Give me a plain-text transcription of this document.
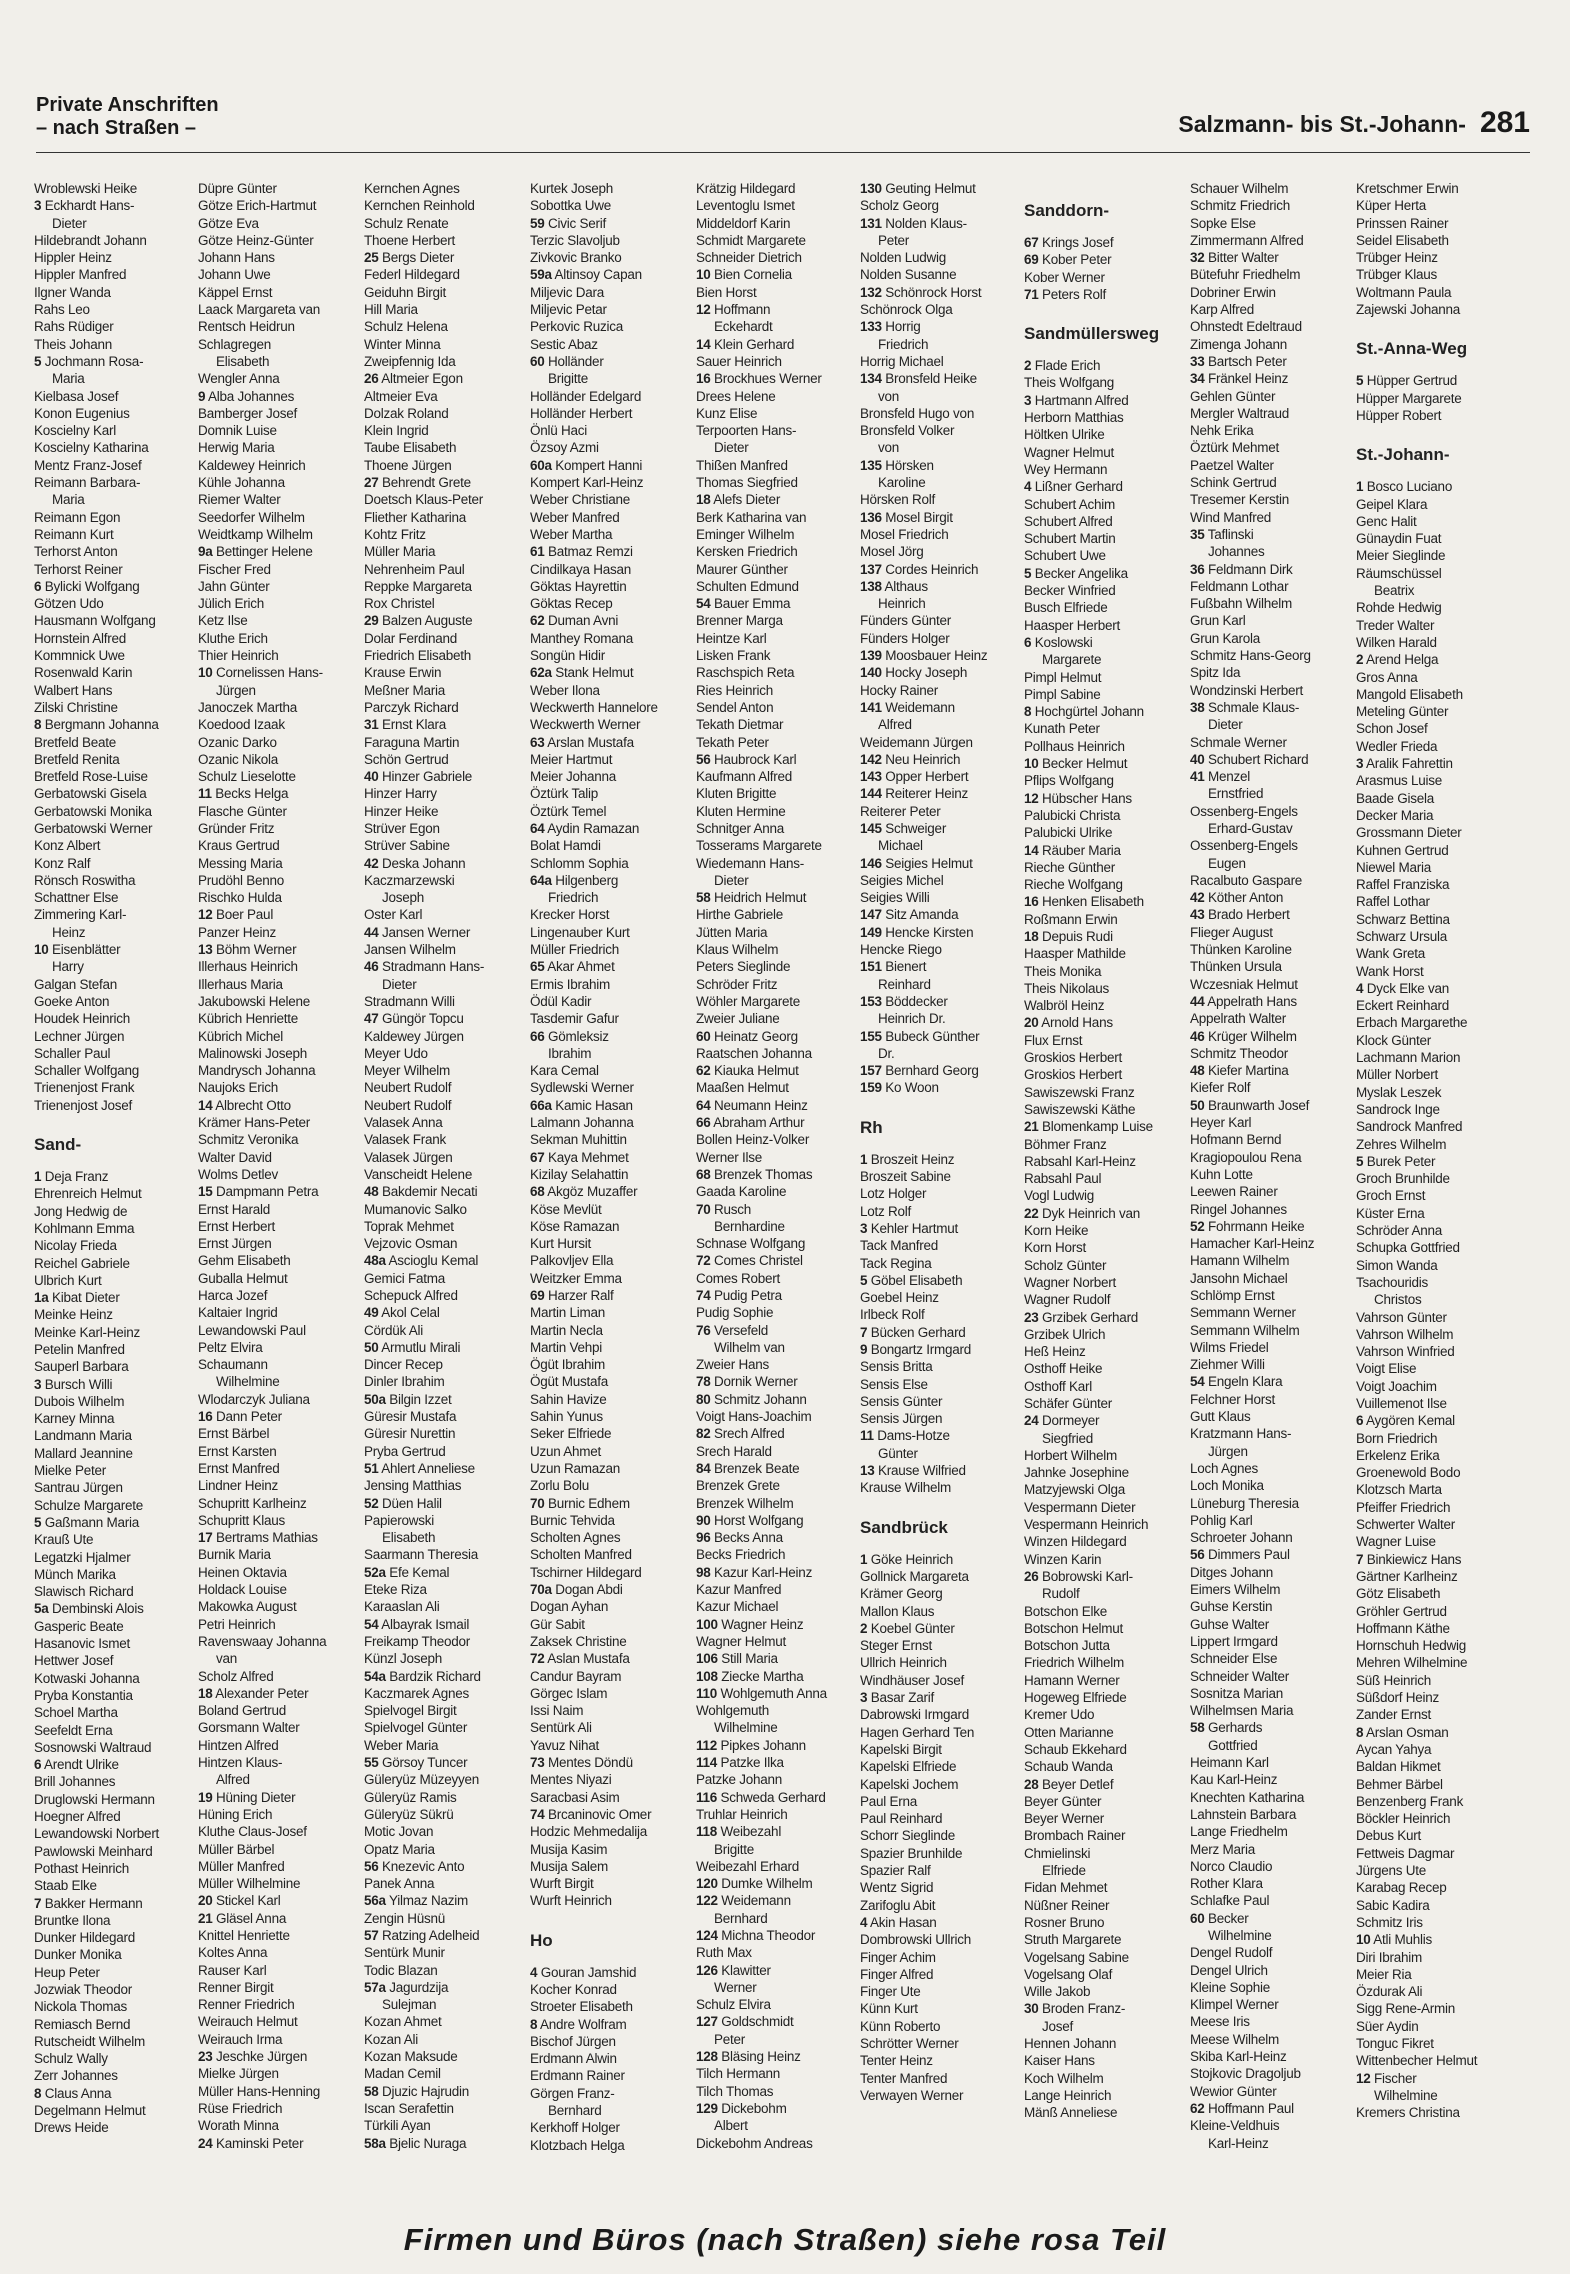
Private Anschriften
– nach Straßen –	Salzmann- bis St.-Johann- 281
Wroblewski Heike
3 Eckhardt Hans-
Dieter
Hildebrandt Johann
Hippler Heinz
Hippler Manfred
Ilgner Wanda
Rahs Leo
Rahs Rüdiger
Theis Johann
5 Jochmann Rosa-
Maria
Kielbasa Josef
Konon Eugenius
Koscielny Karl
Koscielny Katharina
Mentz Franz-Josef
Reimann Barbara-
Maria
Reimann Egon
Reimann Kurt
Terhorst Anton
Terhorst Reiner
6 Bylicki Wolfgang
Götzen Udo
Hausmann Wolfgang
Hornstein Alfred
Kommnick Uwe
Rosenwald Karin
Walbert Hans
Zilski Christine
8 Bergmann Johanna
Bretfeld Beate
Bretfeld Renita
Bretfeld Rose-Luise
Gerbatowski Gisela
Gerbatowski Monika
Gerbatowski Werner
Konz Albert
Konz Ralf
Rönsch Roswitha
Schattner Else
Zimmering Karl-
Heinz
10 Eisenblätter
Harry
Galgan Stefan
Goeke Anton
Houdek Heinrich
Lechner Jürgen
Schaller Paul
Schaller Wolfgang
Trienenjost Frank
Trienenjost Josef
Sand-
1 Deja Franz
Ehrenreich Helmut
Jong Hedwig de
Kohlmann Emma
Nicolay Frieda
Reichel Gabriele
Ulbrich Kurt
1a Kibat Dieter
Meinke Heinz
Meinke Karl-Heinz
Petelin Manfred
Sauperl Barbara
3 Bursch Willi
Dubois Wilhelm
Karney Minna
Landmann Maria
Mallard Jeannine
Mielke Peter
Santrau Jürgen
Schulze Margarete
5 Gaßmann Maria
Krauß Ute
Legatzki Hjalmer
Münch Marika
Slawisch Richard
5a Dembinski Alois
Gasperic Beate
Hasanovic Ismet
Hettwer Josef
Kotwaski Johanna
Pryba Konstantia
Schoel Martha
Seefeldt Erna
Sosnowski Waltraud
6 Arendt Ulrike
Brill Johannes
Druglowski Hermann
Hoegner Alfred
Lewandowski Norbert
Pawlowski Meinhard
Pothast Heinrich
Staab Elke
7 Bakker Hermann
Bruntke Ilona
Dunker Hildegard
Dunker Monika
Heup Peter
Jozwiak Theodor
Nickola Thomas
Remiasch Bernd
Rutscheidt Wilhelm
Schulz Wally
Zerr Johannes
8 Claus Anna
Degelmann Helmut
Drews Heide
Düpre Günter
Götze Erich-Hartmut
Götze Eva
Götze Heinz-Günter
Johann Hans
Johann Uwe
Käppel Ernst
Laack Margareta van
Rentsch Heidrun
Schlagregen
Elisabeth
Wengler Anna
9 Alba Johannes
Bamberger Josef
Domnik Luise
Herwig Maria
Kaldewey Heinrich
Kühle Johanna
Riemer Walter
Seedorfer Wilhelm
Weidtkamp Wilhelm
9a Bettinger Helene
Fischer Fred
Jahn Günter
Jülich Erich
Ketz Ilse
Kluthe Erich
Thier Heinrich
10 Cornelissen Hans-
Jürgen
Janoczek Martha
Koedood Izaak
Ozanic Darko
Ozanic Nikola
Schulz Lieselotte
11 Becks Helga
Flasche Günter
Gründer Fritz
Kraus Gertrud
Messing Maria
Prudöhl Benno
Rischko Hulda
12 Boer Paul
Panzer Heinz
13 Böhm Werner
Illerhaus Heinrich
Illerhaus Maria
Jakubowski Helene
Kübrich Henriette
Kübrich Michel
Malinowski Joseph
Mandrysch Johanna
Naujoks Erich
14 Albrecht Otto
Krämer Hans-Peter
Schmitz Veronika
Walter David
Wolms Detlev
15 Dampmann Petra
Ernst Harald
Ernst Herbert
Ernst Jürgen
Gehm Elisabeth
Guballa Helmut
Harca Jozef
Kaltaier Ingrid
Lewandowski Paul
Peltz Elvira
Schaumann
Wilhelmine
Wlodarczyk Juliana
16 Dann Peter
Ernst Bärbel
Ernst Karsten
Ernst Manfred
Lindner Heinz
Schupritt Karlheinz
Schupritt Klaus
17 Bertrams Mathias
Burnik Maria
Heinen Oktavia
Holdack Louise
Makowka August
Petri Heinrich
Ravenswaay Johanna
van
Scholz Alfred
18 Alexander Peter
Boland Gertrud
Gorsmann Walter
Hintzen Alfred
Hintzen Klaus-
Alfred
19 Hüning Dieter
Hüning Erich
Kluthe Claus-Josef
Müller Bärbel
Müller Manfred
Müller Wilhelmine
20 Stickel Karl
21 Gläsel Anna
Knittel Henriette
Koltes Anna
Rauser Karl
Renner Birgit
Renner Friedrich
Weirauch Helmut
Weirauch Irma
23 Jeschke Jürgen
Mielke Jürgen
Müller Hans-Henning
Rüse Friedrich
Worath Minna
24 Kaminski Peter
Kernchen Agnes
Kernchen Reinhold
Schulz Renate
Thoene Herbert
25 Bergs Dieter
Federl Hildegard
Geiduhn Birgit
Hill Maria
Schulz Helena
Winter Minna
Zweipfennig Ida
26 Altmeier Egon
Altmeier Eva
Dolzak Roland
Klein Ingrid
Taube Elisabeth
Thoene Jürgen
27 Behrendt Grete
Doetsch Klaus-Peter
Fliether Katharina
Kohtz Fritz
Müller Maria
Nehrenheim Paul
Reppke Margareta
Rox Christel
29 Balzen Auguste
Dolar Ferdinand
Friedrich Elisabeth
Krause Erwin
Meßner Maria
Parczyk Richard
31 Ernst Klara
Faraguna Martin
Schön Gertrud
40 Hinzer Gabriele
Hinzer Harry
Hinzer Heike
Strüver Egon
Strüver Sabine
42 Deska Johann
Kaczmarzewski
Joseph
Oster Karl
44 Jansen Werner
Jansen Wilhelm
46 Stradmann Hans-
Dieter
Stradmann Willi
47 Güngör Topcu
Kaldewey Jürgen
Meyer Udo
Meyer Wilhelm
Neubert Rudolf
Neubert Rudolf
Valasek Anna
Valasek Frank
Valasek Jürgen
Vanscheidt Helene
48 Bakdemir Necati
Mumanovic Salko
Toprak Mehmet
Vejzovic Osman
48a Ascioglu Kemal
Gemici Fatma
Schepuck Alfred
49 Akol Celal
Cördük Ali
50 Armutlu Mirali
Dincer Recep
Dinler Ibrahim
50a Bilgin Izzet
Güresir Mustafa
Güresir Nurettin
Pryba Gertrud
51 Ahlert Anneliese
Jensing Matthias
52 Düen Halil
Papierowski
Elisabeth
Saarmann Theresia
52a Efe Kemal
Eteke Riza
Karaaslan Ali
54 Albayrak Ismail
Freikamp Theodor
Künzl Joseph
54a Bardzik Richard
Kaczmarek Agnes
Spielvogel Birgit
Spielvogel Günter
Weber Maria
55 Görsoy Tuncer
Güleryüz Müzeyyen
Güleryüz Ramis
Güleryüz Sükrü
Motic Jovan
Opatz Maria
56 Knezevic Anto
Panek Anna
56a Yilmaz Nazim
Zengin Hüsnü
57 Ratzing Adelheid
Sentürk Munir
Todic Blazan
57a Jagurdzija
Sulejman
Kozan Ahmet
Kozan Ali
Kozan Maksude
Madan Cemil
58 Djuzic Hajrudin
Iscan Serafettin
Türkili Ayan
58a Bjelic Nuraga
Kurtek Joseph
Sobottka Uwe
59 Civic Serif
Terzic Slavoljub
Zivkovic Branko
59a Altinsoy Capan
Miljevic Dara
Miljevic Petar
Perkovic Ruzica
Sestic Abaz
60 Holländer
Brigitte
Holländer Edelgard
Holländer Herbert
Önlü Haci
Özsoy Azmi
60a Kompert Hanni
Kompert Karl-Heinz
Weber Christiane
Weber Manfred
Weber Martha
61 Batmaz Remzi
Cindilkaya Hasan
Göktas Hayrettin
Göktas Recep
62 Duman Avni
Manthey Romana
Songün Hidir
62a Stank Helmut
Weber Ilona
Weckwerth Hannelore
Weckwerth Werner
63 Arslan Mustafa
Meier Hartmut
Meier Johanna
Öztürk Talip
Öztürk Temel
64 Aydin Ramazan
Bolat Hamdi
Schlomm Sophia
64a Hilgenberg
Friedrich
Krecker Horst
Lingenauber Kurt
Müller Friedrich
65 Akar Ahmet
Ermis Ibrahim
Ödül Kadir
Tasdemir Gafur
66 Gömleksiz
Ibrahim
Kara Cemal
Sydlewski Werner
66a Kamic Hasan
Lalmann Johanna
Sekman Muhittin
67 Kaya Mehmet
Kizilay Selahattin
68 Akgöz Muzaffer
Köse Mevlüt
Köse Ramazan
Kurt Hursit
Palkovljev Ella
Weitzker Emma
69 Harzer Ralf
Martin Liman
Martin Necla
Martin Vehpi
Ögüt Ibrahim
Ögüt Mustafa
Sahin Havize
Sahin Yunus
Seker Elfriede
Uzun Ahmet
Uzun Ramazan
Zorlu Bolu
70 Burnic Edhem
Burnic Tehvida
Scholten Agnes
Scholten Manfred
Tschirner Hildegard
70a Dogan Abdi
Dogan Ayhan
Gür Sabit
Zaksek Christine
72 Aslan Mustafa
Candur Bayram
Görgec Islam
Issi Naim
Sentürk Ali
Yavuz Nihat
73 Mentes Döndü
Mentes Niyazi
Saracbasi Asim
74 Brcaninovic Omer
Hodzic Mehmedalija
Musija Kasim
Musija Salem
Wurft Birgit
Wurft Heinrich
Ho
4 Gouran Jamshid
Kocher Konrad
Stroeter Elisabeth
8 Andre Wolfram
Bischof Jürgen
Erdmann Alwin
Erdmann Rainer
Görgen Franz-
Bernhard
Kerkhoff Holger
Klotzbach Helga
Krätzig Hildegard
Leventoglu Ismet
Middeldorf Karin
Schmidt Margarete
Schneider Dietrich
10 Bien Cornelia
Bien Horst
12 Hoffmann
Eckehardt
14 Klein Gerhard
Sauer Heinrich
16 Brockhues Werner
Drees Helene
Kunz Elise
Terpoorten Hans-
Dieter
Thißen Manfred
Thomas Siegfried
18 Alefs Dieter
Berk Katharina van
Eminger Wilhelm
Kersken Friedrich
Maurer Günther
Schulten Edmund
54 Bauer Emma
Brenner Marga
Heintze Karl
Lisken Frank
Raschspich Reta
Ries Heinrich
Sendel Anton
Tekath Dietmar
Tekath Peter
56 Haubrock Karl
Kaufmann Alfred
Kluten Brigitte
Kluten Hermine
Schnitger Anna
Tosserams Margarete
Wiedemann Hans-
Dieter
58 Heidrich Helmut
Hirthe Gabriele
Jütten Maria
Klaus Wilhelm
Peters Sieglinde
Schröder Fritz
Wöhler Margarete
Zweier Juliane
60 Heinatz Georg
Raatschen Johanna
62 Kiauka Helmut
Maaßen Helmut
64 Neumann Heinz
66 Abraham Arthur
Bollen Heinz-Volker
Werner Ilse
68 Brenzek Thomas
Gaada Karoline
70 Rusch
Bernhardine
Schnase Wolfgang
72 Comes Christel
Comes Robert
74 Pudig Petra
Pudig Sophie
76 Versefeld
Wilhelm van
Zweier Hans
78 Dornik Werner
80 Schmitz Johann
Voigt Hans-Joachim
82 Srech Alfred
Srech Harald
84 Brenzek Beate
Brenzek Grete
Brenzek Wilhelm
90 Horst Wolfgang
96 Becks Anna
Becks Friedrich
98 Kazur Karl-Heinz
Kazur Manfred
Kazur Michael
100 Wagner Heinz
Wagner Helmut
106 Still Maria
108 Ziecke Martha
110 Wohlgemuth Anna
Wohlgemuth
Wilhelmine
112 Pipkes Johann
114 Patzke Ilka
Patzke Johann
116 Schweda Gerhard
Truhlar Heinrich
118 Weibezahl
Brigitte
Weibezahl Erhard
120 Dumke Wilhelm
122 Weidemann
Bernhard
124 Michna Theodor
Ruth Max
126 Klawitter
Werner
Schulz Elvira
127 Goldschmidt
Peter
128 Bläsing Heinz
Tilch Hermann
Tilch Thomas
129 Dickebohm
Albert
Dickebohm Andreas
130 Geuting Helmut
Scholz Georg
131 Nolden Klaus-
Peter
Nolden Ludwig
Nolden Susanne
132 Schönrock Horst
Schönrock Olga
133 Horrig
Friedrich
Horrig Michael
134 Bronsfeld Heike
von
Bronsfeld Hugo von
Bronsfeld Volker
von
135 Hörsken
Karoline
Hörsken Rolf
136 Mosel Birgit
Mosel Friedrich
Mosel Jörg
137 Cordes Heinrich
138 Althaus
Heinrich
Fünders Günter
Fünders Holger
139 Moosbauer Heinz
140 Hocky Joseph
Hocky Rainer
141 Weidemann
Alfred
Weidemann Jürgen
142 Neu Heinrich
143 Opper Herbert
144 Reiterer Heinz
Reiterer Peter
145 Schweiger
Michael
146 Seigies Helmut
Seigies Michel
Seigies Willi
147 Sitz Amanda
149 Hencke Kirsten
Hencke Riego
151 Bienert
Reinhard
153 Böddecker
Heinrich Dr.
155 Bubeck Günther
Dr.
157 Bernhard Georg
159 Ko Woon
Rh
1 Broszeit Heinz
Broszeit Sabine
Lotz Holger
Lotz Rolf
3 Kehler Hartmut
Tack Manfred
Tack Regina
5 Göbel Elisabeth
Goebel Heinz
Irlbeck Rolf
7 Bücken Gerhard
9 Bongartz Irmgard
Sensis Britta
Sensis Else
Sensis Günter
Sensis Jürgen
11 Dams-Hotze
Günter
13 Krause Wilfried
Krause Wilhelm
Sandbrück
1 Göke Heinrich
Gollnick Margareta
Krämer Georg
Mallon Klaus
2 Koebel Günter
Steger Ernst
Ullrich Heinrich
Windhäuser Josef
3 Basar Zarif
Dabrowski Irmgard
Hagen Gerhard Ten
Kapelski Birgit
Kapelski Elfriede
Kapelski Jochem
Paul Erna
Paul Reinhard
Schorr Sieglinde
Spazier Brunhilde
Spazier Ralf
Wentz Sigrid
Zarifoglu Abit
4 Akin Hasan
Dombrowski Ullrich
Finger Achim
Finger Alfred
Finger Ute
Künn Kurt
Künn Roberto
Schrötter Werner
Tenter Heinz
Tenter Manfred
Verwayen Werner
Sanddorn-
67 Krings Josef
69 Kober Peter
Kober Werner
71 Peters Rolf
Sandmüllersweg
2 Flade Erich
Theis Wolfgang
3 Hartmann Alfred
Herborn Matthias
Höltken Ulrike
Wagner Helmut
Wey Hermann
4 Lißner Gerhard
Schubert Achim
Schubert Alfred
Schubert Martin
Schubert Uwe
5 Becker Angelika
Becker Winfried
Busch Elfriede
Haasper Herbert
6 Koslowski
Margarete
Pimpl Helmut
Pimpl Sabine
8 Hochgürtel Johann
Kunath Peter
Pollhaus Heinrich
10 Becker Helmut
Pflips Wolfgang
12 Hübscher Hans
Palubicki Christa
Palubicki Ulrike
14 Räuber Maria
Rieche Günther
Rieche Wolfgang
16 Henken Elisabeth
Roßmann Erwin
18 Depuis Rudi
Haasper Mathilde
Theis Monika
Theis Nikolaus
Walbröl Heinz
20 Arnold Hans
Flux Ernst
Groskios Herbert
Groskios Herbert
Sawiszewski Franz
Sawiszewski Käthe
21 Blomenkamp Luise
Böhmer Franz
Rabsahl Karl-Heinz
Rabsahl Paul
Vogl Ludwig
22 Dyk Heinrich van
Korn Heike
Korn Horst
Scholz Günter
Wagner Norbert
Wagner Rudolf
23 Grzibek Gerhard
Grzibek Ulrich
Heß Heinz
Osthoff Heike
Osthoff Karl
Schäfer Günter
24 Dormeyer
Siegfried
Horbert Wilhelm
Jahnke Josephine
Matzyjewski Olga
Vespermann Dieter
Vespermann Heinrich
Winzen Hildegard
Winzen Karin
26 Bobrowski Karl-
Rudolf
Botschon Elke
Botschon Helmut
Botschon Jutta
Friedrich Wilhelm
Hamann Werner
Hogeweg Elfriede
Kremer Udo
Otten Marianne
Schaub Ekkehard
Schaub Wanda
28 Beyer Detlef
Beyer Günter
Beyer Werner
Brombach Rainer
Chmielinski
Elfriede
Fidan Mehmet
Nüßner Reiner
Rosner Bruno
Struth Margarete
Vogelsang Sabine
Vogelsang Olaf
Wille Jakob
30 Broden Franz-
Josef
Hennen Johann
Kaiser Hans
Koch Wilhelm
Lange Heinrich
Mänß Anneliese
Schauer Wilhelm
Schmitz Friedrich
Sopke Else
Zimmermann Alfred
32 Bitter Walter
Bütefuhr Friedhelm
Dobriner Erwin
Karp Alfred
Ohnstedt Edeltraud
Zimenga Johann
33 Bartsch Peter
34 Fränkel Heinz
Gehlen Günter
Mergler Waltraud
Nehk Erika
Öztürk Mehmet
Paetzel Walter
Schink Gertrud
Tresemer Kerstin
Wind Manfred
35 Taflinski
Johannes
36 Feldmann Dirk
Feldmann Lothar
Fußbahn Wilhelm
Grun Karl
Grun Karola
Schmitz Hans-Georg
Spitz Ida
Wondzinski Herbert
38 Schmale Klaus-
Dieter
Schmale Werner
40 Schubert Richard
41 Menzel
Ernstfried
Ossenberg-Engels
Erhard-Gustav
Ossenberg-Engels
Eugen
Racalbuto Gaspare
42 Köther Anton
43 Brado Herbert
Flieger August
Thünken Karoline
Thünken Ursula
Wczesniak Helmut
44 Appelrath Hans
Appelrath Walter
46 Krüger Wilhelm
Schmitz Theodor
48 Kiefer Martina
Kiefer Rolf
50 Braunwarth Josef
Heyer Karl
Hofmann Bernd
Kragiopoulou Rena
Kuhn Lotte
Leewen Rainer
Ringel Johannes
52 Fohrmann Heike
Hamacher Karl-Heinz
Hamann Wilhelm
Jansohn Michael
Schlömp Ernst
Semmann Werner
Semmann Wilhelm
Wilms Friedel
Ziehmer Willi
54 Engeln Klara
Felchner Horst
Gutt Klaus
Kratzmann Hans-
Jürgen
Loch Agnes
Loch Monika
Lüneburg Theresia
Pohlig Karl
Schroeter Johann
56 Dimmers Paul
Ditges Johann
Eimers Wilhelm
Guhse Kerstin
Guhse Walter
Lippert Irmgard
Schneider Else
Schneider Walter
Sosnitza Marian
Wilhelmsen Maria
58 Gerhards
Gottfried
Heimann Karl
Kau Karl-Heinz
Knechten Katharina
Lahnstein Barbara
Lange Friedhelm
Merz Maria
Norco Claudio
Rother Klara
Schlafke Paul
60 Becker
Wilhelmine
Dengel Rudolf
Dengel Ulrich
Kleine Sophie
Klimpel Werner
Meese Iris
Meese Wilhelm
Skiba Karl-Heinz
Stojkovic Dragoljub
Wewior Günter
62 Hoffmann Paul
Kleine-Veldhuis
Karl-Heinz
Kretschmer Erwin
Küper Herta
Prinssen Rainer
Seidel Elisabeth
Trübger Heinz
Trübger Klaus
Woltmann Paula
Zajewski Johanna
St.-Anna-Weg
5 Hüpper Gertrud
Hüpper Margarete
Hüpper Robert
St.-Johann-
1 Bosco Luciano
Geipel Klara
Genc Halit
Günaydin Fuat
Meier Sieglinde
Räumschüssel
Beatrix
Rohde Hedwig
Treder Walter
Wilken Harald
2 Arend Helga
Gros Anna
Mangold Elisabeth
Meteling Günter
Schon Josef
Wedler Frieda
3 Aralik Fahrettin
Arasmus Luise
Baade Gisela
Decker Maria
Grossmann Dieter
Kuhnen Gertrud
Niewel Maria
Raffel Franziska
Raffel Lothar
Schwarz Bettina
Schwarz Ursula
Wank Greta
Wank Horst
4 Dyck Elke van
Eckert Reinhard
Erbach Margarethe
Klock Günter
Lachmann Marion
Müller Norbert
Myslak Leszek
Sandrock Inge
Sandrock Manfred
Zehres Wilhelm
5 Burek Peter
Groch Brunhilde
Groch Ernst
Küster Erna
Schröder Anna
Schupka Gottfried
Simon Wanda
Tsachouridis
Christos
Vahrson Günter
Vahrson Wilhelm
Vahrson Winfried
Voigt Elise
Voigt Joachim
Vuillemenot Ilse
6 Aygören Kemal
Born Friedrich
Erkelenz Erika
Groenewold Bodo
Klotzsch Marta
Pfeiffer Friedrich
Schwerter Walter
Wagner Luise
7 Binkiewicz Hans
Gärtner Karlheinz
Götz Elisabeth
Gröhler Gertrud
Hoffmann Käthe
Hornschuh Hedwig
Mehren Wilhelmine
Süß Heinrich
Süßdorf Heinz
Zander Ernst
8 Arslan Osman
Aycan Yahya
Baldan Hikmet
Behmer Bärbel
Benzenberg Frank
Böckler Heinrich
Debus Kurt
Fettweis Dagmar
Jürgens Ute
Karabag Recep
Sabic Kadira
Schmitz Iris
10 Atli Muhlis
Diri Ibrahim
Meier Ria
Özdurak Ali
Sigg Rene-Armin
Süer Aydin
Tonguc Fikret
Wittenbecher Helmut
12 Fischer
Wilhelmine
Kremers Christina
Firmen und Büros (nach Straßen) siehe rosa Teil
